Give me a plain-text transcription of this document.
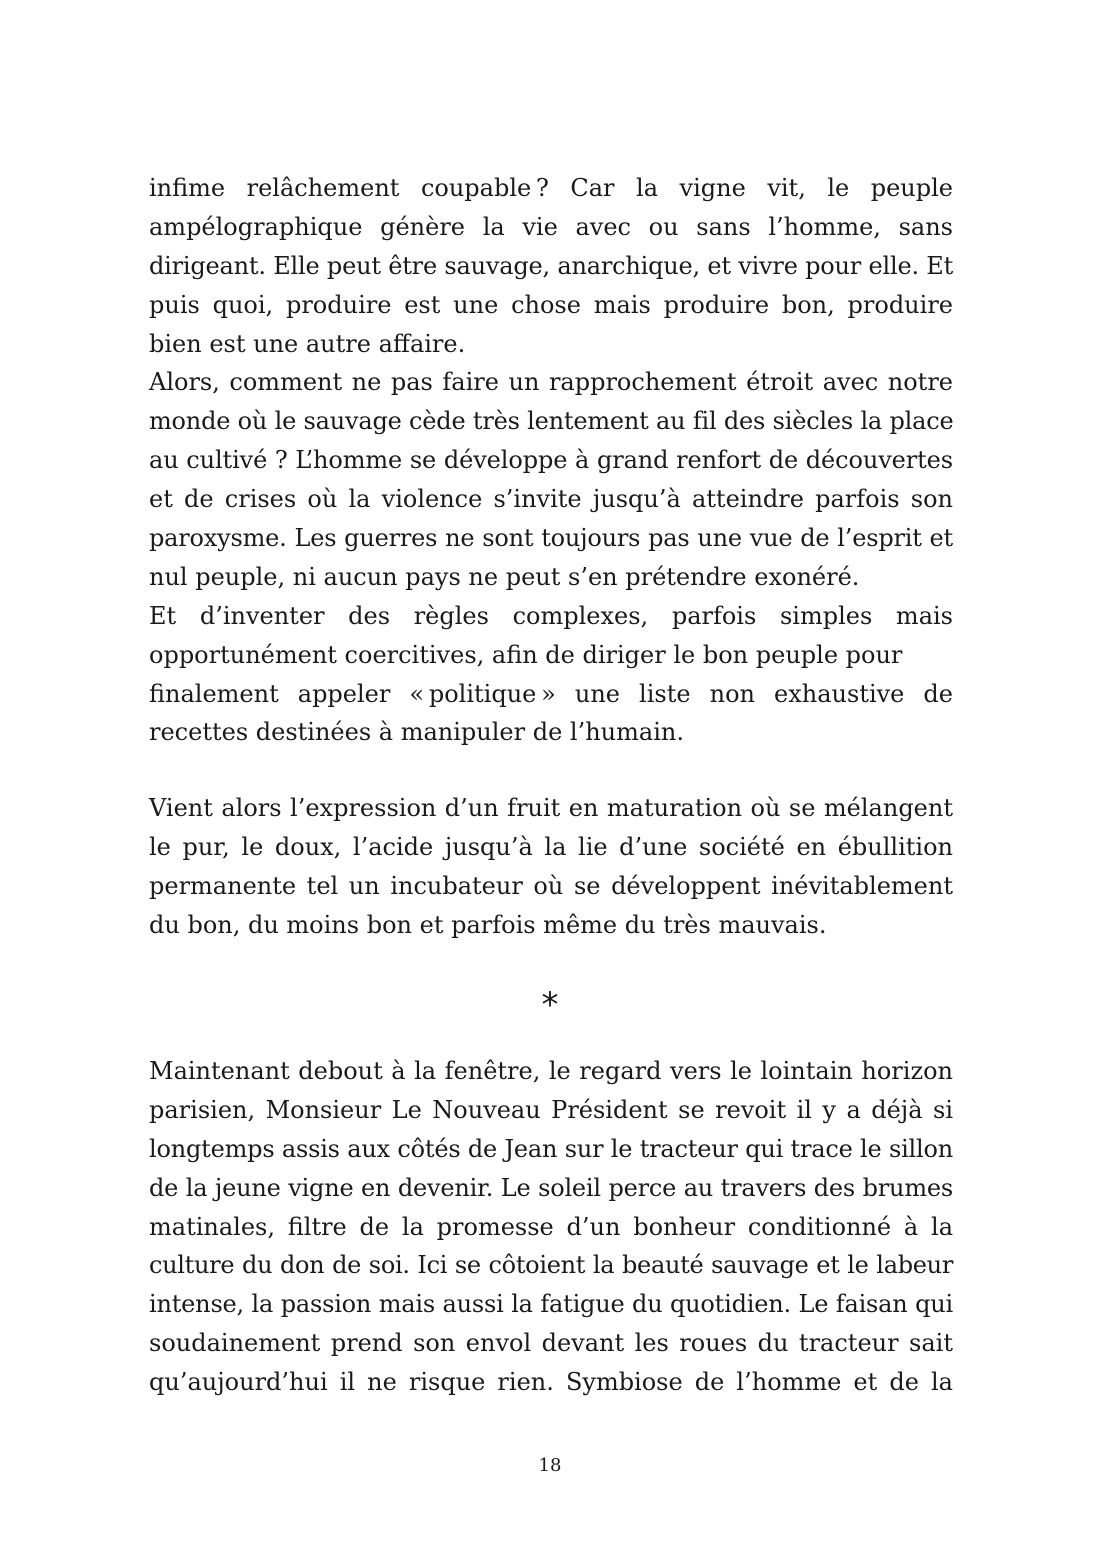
infime relâchement coupable ? Car la vigne vit, le peuple
ampélographique génère la vie avec ou sans l’homme, sans
dirigeant. Elle peut être sauvage, anarchique, et vivre pour elle. Et
puis quoi, produire est une chose mais produire bon, produire
bien est une autre affaire.
Alors, comment ne pas faire un rapprochement étroit avec notre
monde où le sauvage cède très lentement au fil des siècles la place
au cultivé ? L’homme se développe à grand renfort de découvertes
et de crises où la violence s’invite jusqu’à atteindre parfois son
paroxysme. Les guerres ne sont toujours pas une vue de l’esprit et
nul peuple, ni aucun pays ne peut s’en prétendre exonéré.
Et d’inventer des règles complexes, parfois simples mais
opportunément coercitives, afin de diriger le bon peuple pour
finalement appeler « politique » une liste non exhaustive de
recettes destinées à manipuler de l’humain.
Vient alors l’expression d’un fruit en maturation où se mélangent
le pur, le doux, l’acide jusqu’à la lie d’une société en ébullition
permanente tel un incubateur où se développent inévitablement
du bon, du moins bon et parfois même du très mauvais.
*
Maintenant debout à la fenêtre, le regard vers le lointain horizon
parisien, Monsieur Le Nouveau Président se revoit il y a déjà si
longtemps assis aux côtés de Jean sur le tracteur qui trace le sillon
de la jeune vigne en devenir. Le soleil perce au travers des brumes
matinales, filtre de la promesse d’un bonheur conditionné à la
culture du don de soi. Ici se côtoient la beauté sauvage et le labeur
intense, la passion mais aussi la fatigue du quotidien. Le faisan qui
soudainement prend son envol devant les roues du tracteur sait
qu’aujourd’hui il ne risque rien. Symbiose de l’homme et de la
18
